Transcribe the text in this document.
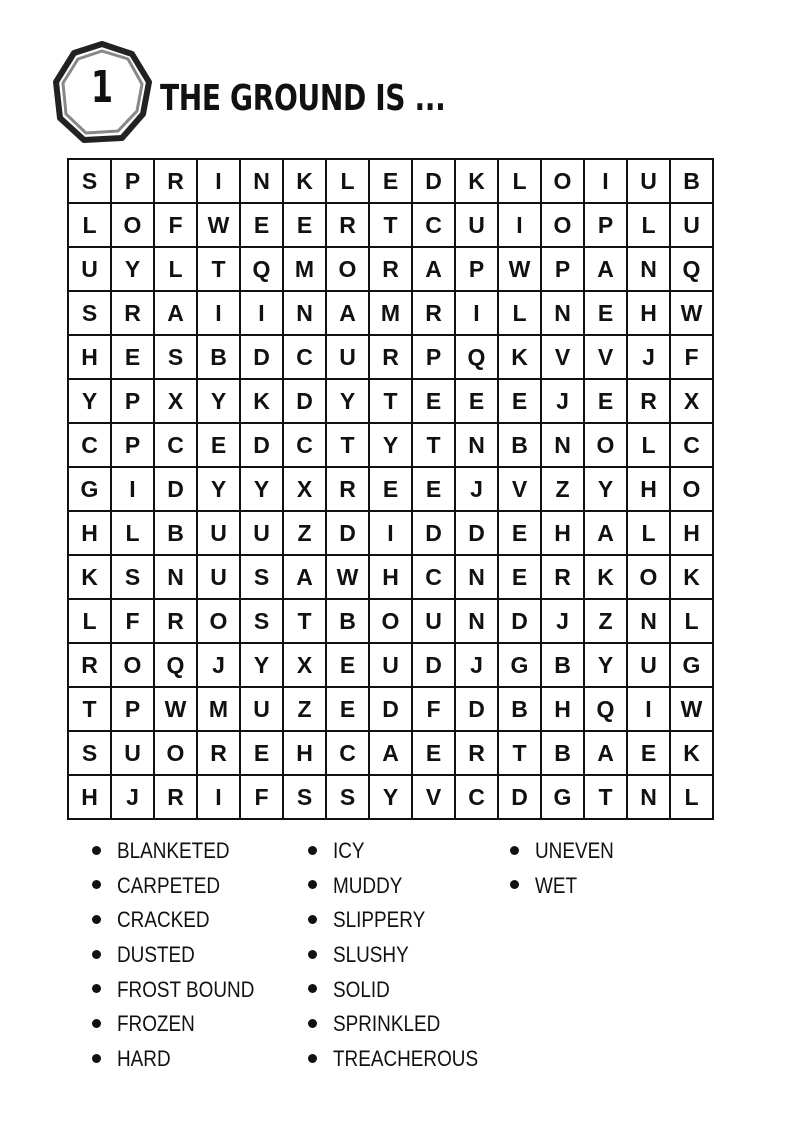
1	THE GROUND IS ...
S	P	R	I	N	K	L	E	D	K	L	O	I	U	B
L	O	F	W	E	E	R	T	C	U	I	O	P	L	U
U	Y	L	T	Q	M	O	R	A	P	W	P	A	N	Q
S	R	A	I	I	N	A	M	R	I	L	N	E	H	W
H	E	S	B	D	C	U	R	P	Q	K	V	V	J	F
Y	P	X	Y	K	D	Y	T	E	E	E	J	E	R	X
C	P	C	E	D	C	T	Y	T	N	B	N	O	L	C
G	I	D	Y	Y	X	R	E	E	J	V	Z	Y	H	O
H	L	B	U	U	Z	D	I	D	D	E	H	A	L	H
K	S	N	U	S	A	W	H	C	N	E	R	K	O	K
L	F	R	O	S	T	B	O	U	N	D	J	Z	N	L
R	O	Q	J	Y	X	E	U	D	J	G	B	Y	U	G
T	P	W	M	U	Z	E	D	F	D	B	H	Q	I	W
S	U	O	R	E	H	C	A	E	R	T	B	A	E	K
H	J	R	I	F	S	S	Y	V	C	D	G	T	N	L
BLANKETED
CARPETED
CRACKED
DUSTED
FROST BOUND
FROZEN
HARD
ICY
MUDDY
SLIPPERY
SLUSHY
SOLID
SPRINKLED
TREACHEROUS
UNEVEN
WET
